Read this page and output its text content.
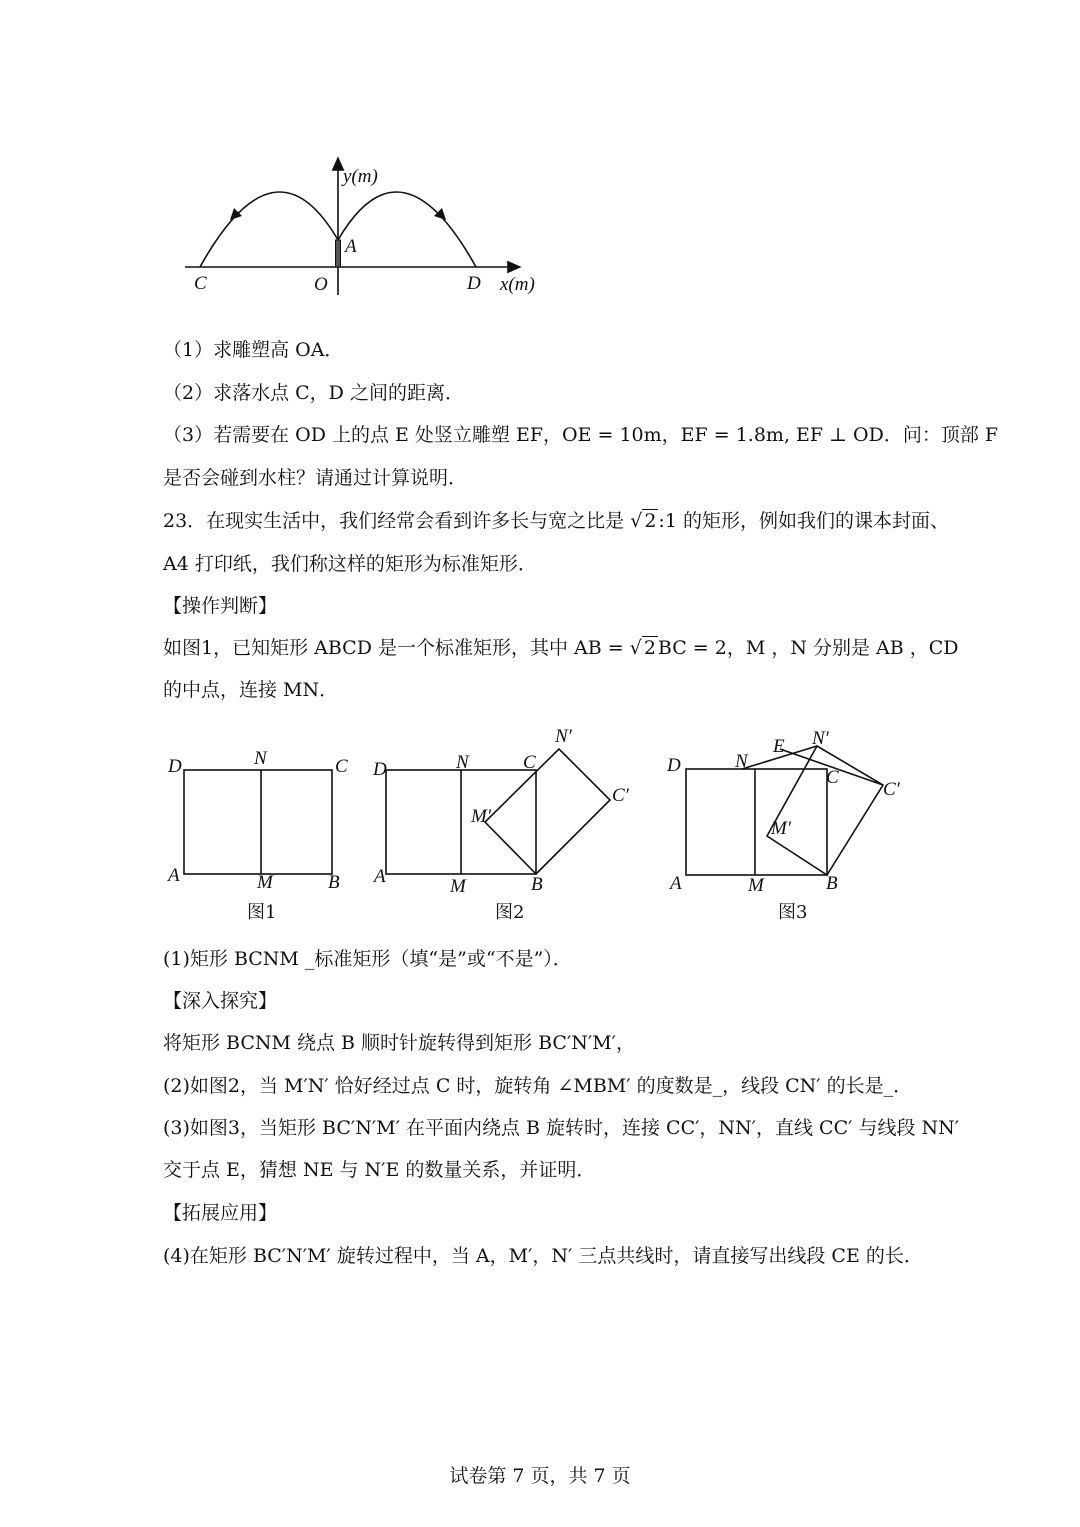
y(m)
x(m)
A
O
C	D
（1）求雕塑高 OA．
（2）求落水点 C，D 之间的距离．
（3）若需要在 OD 上的点 E 处竖立雕塑 EF，OE = 10m，EF = 1.8m, EF ⊥ OD．问：顶部 F
是否会碰到水柱？请通过计算说明．
23．在现实生活中，我们经常会看到许多长与宽之比是 √ 2 :1 的矩形，例如我们的课本封面、
A4 打印纸，我们称这样的矩形为标准矩形．
【操作判断】
如图1，已知矩形 ABCD 是一个标准矩形，其中 AB = √ 2 BC = 2，M ，N 分别是 AB ，CD
的中点，连接 MN．
D	N	C
A	M	B
图1
D	N	C
A	M	B
N′
C′
M′
图2
D	N
E N′
C
C′
M′
A	M	B
图3
(1)矩形 BCNM _标准矩形（填“是”或“不是”）．
【深入探究】
将矩形 BCNM 绕点 B 顺时针旋转得到矩形 BC′N′M′，
(2)如图2，当 M′N′ 恰好经过点 C 时，旋转角 ∠MBM′ 的度数是_，线段 CN′ 的长是_．
(3)如图3，当矩形 BC′N′M′ 在平面内绕点 B 旋转时，连接 CC′，NN′，直线 CC′ 与线段 NN′
交于点 E，猜想 NE 与 N′E 的数量关系，并证明．
【拓展应用】
(4)在矩形 BC′N′M′ 旋转过程中，当 A，M′，N′ 三点共线时，请直接写出线段 CE 的长．
试卷第 7 页，共 7 页
